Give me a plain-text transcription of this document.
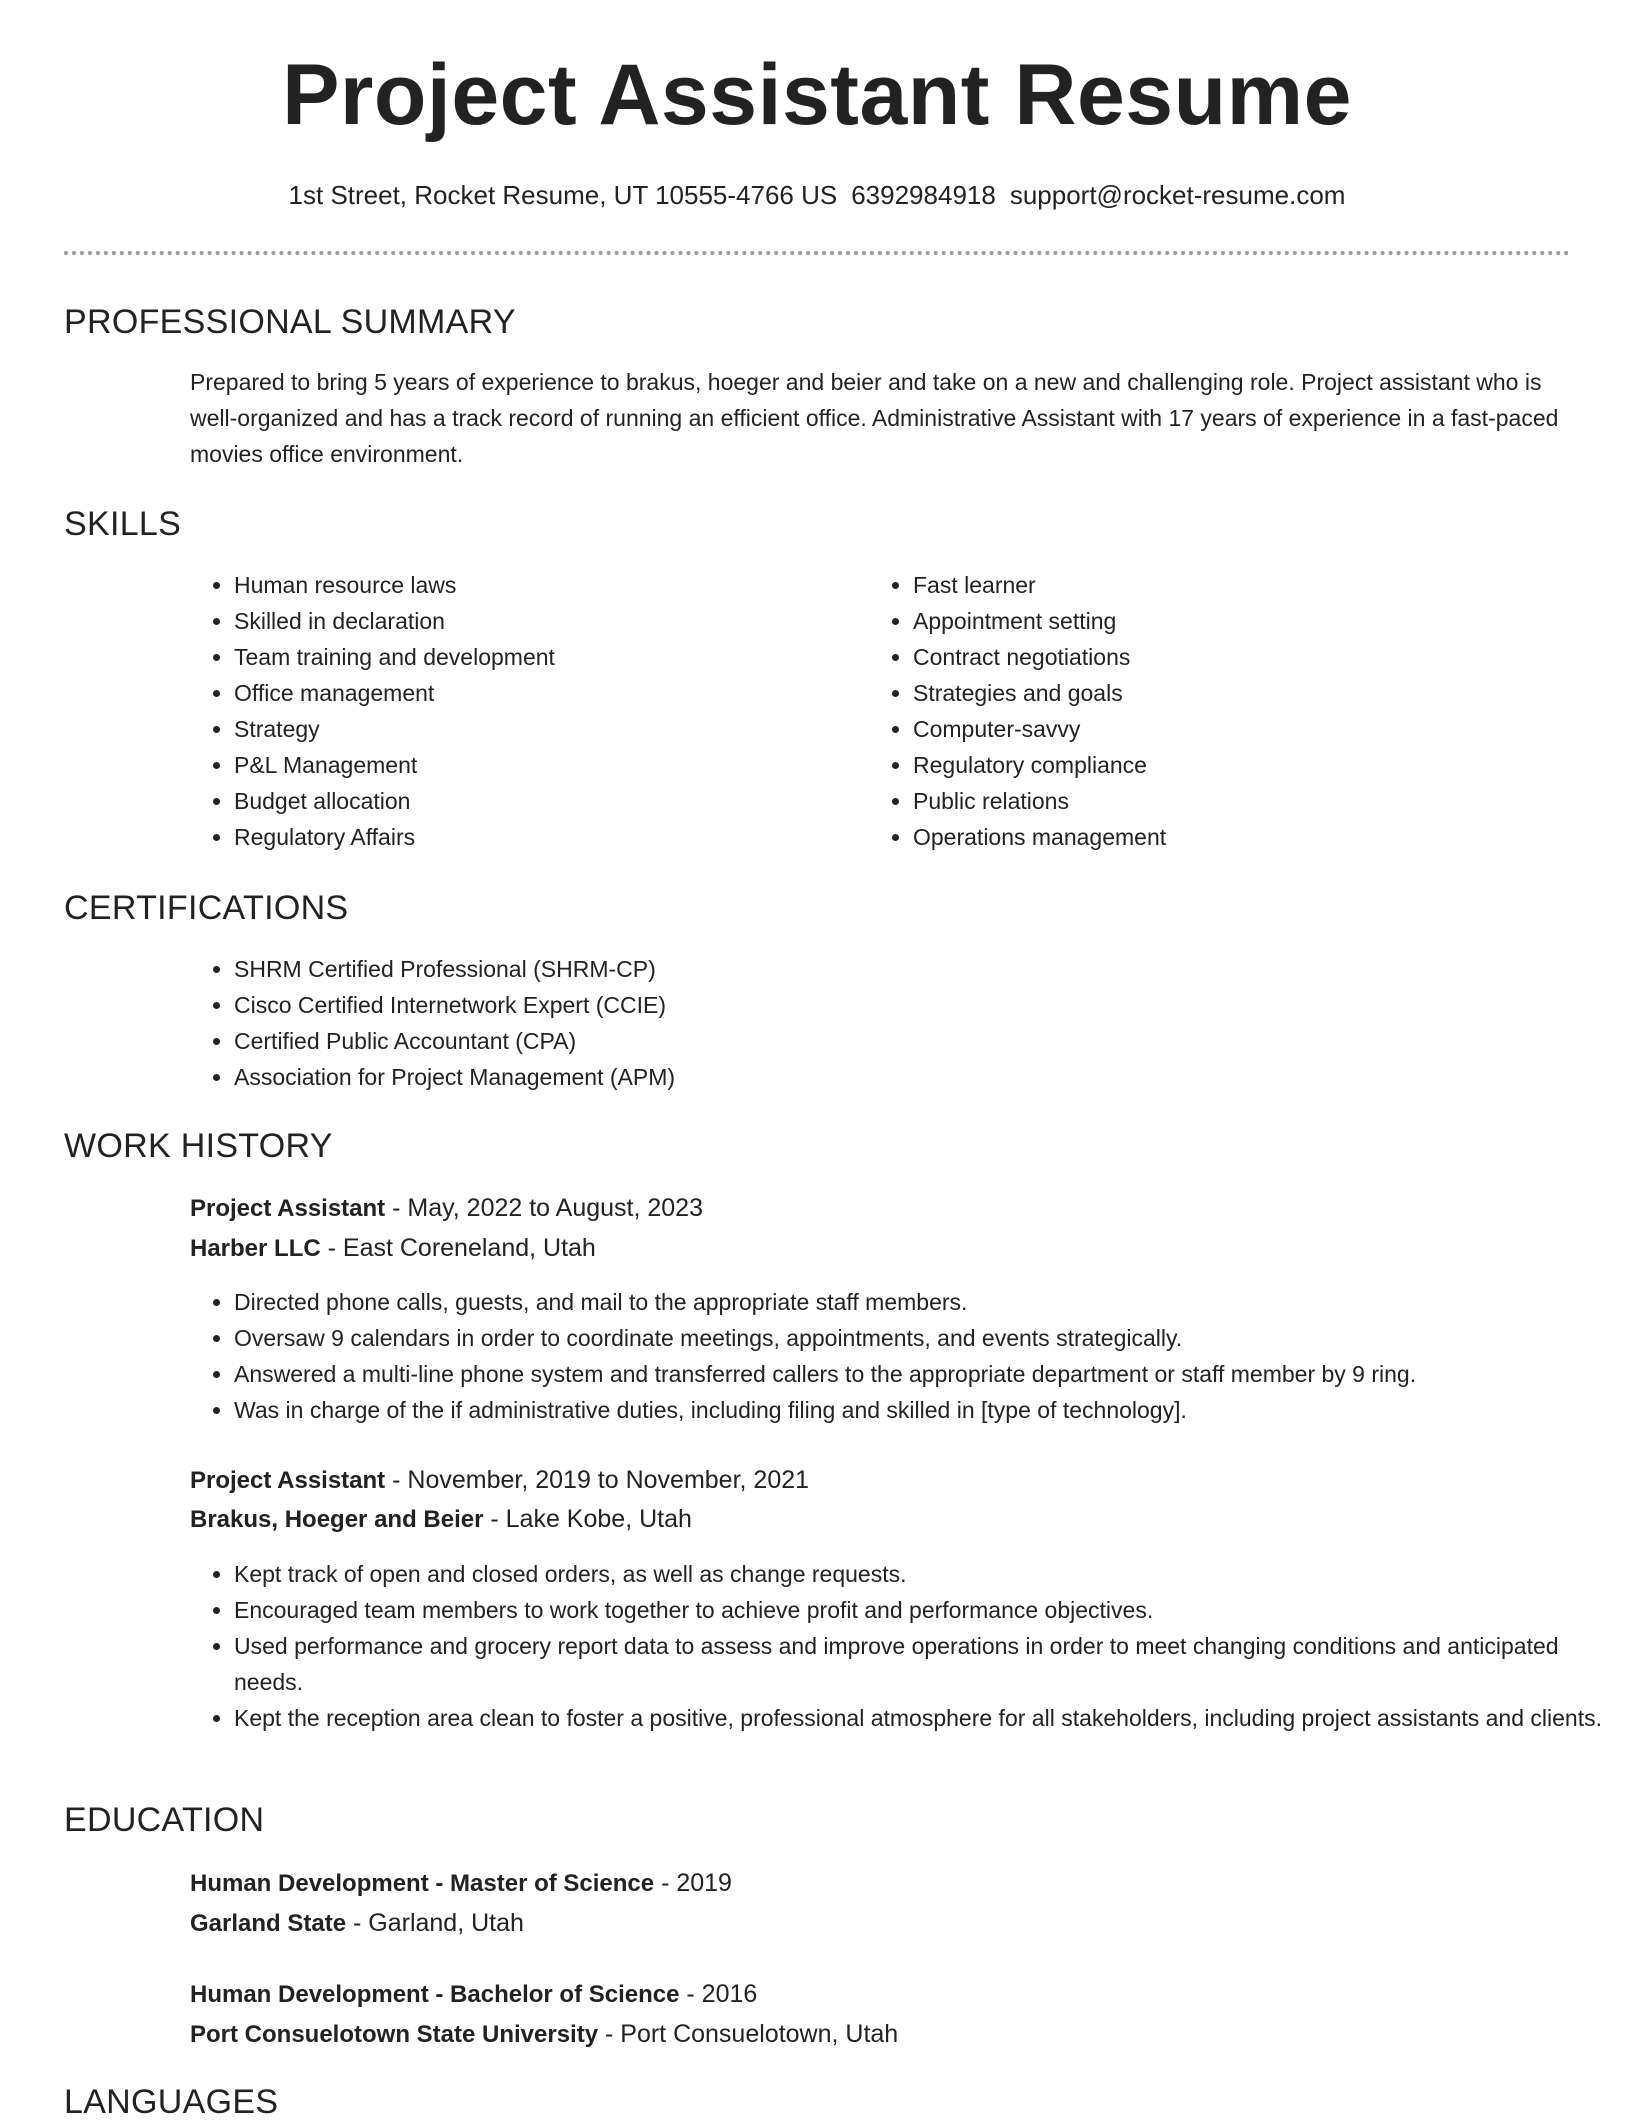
Project Assistant Resume
1st Street, Rocket Resume, UT 10555-4766 US 6392984918 support@rocket-resume.com
PROFESSIONAL SUMMARY

Prepared to bring 5 years of experience to brakus, hoeger and beier and take on a new and challenging role. Project assistant who is well-organized and has a track record of running an efficient office. Administrative Assistant with 17 years of experience in a fast-paced movies office environment.

SKILLS
• Human resource laws
• Skilled in declaration
• Team training and development
• Office management
• Strategy
• P&L Management
• Budget allocation
• Regulatory Affairs
• Fast learner
• Appointment setting
• Contract negotiations
• Strategies and goals
• Computer-savvy
• Regulatory compliance
• Public relations
• Operations management
CERTIFICATIONS
• SHRM Certified Professional (SHRM-CP)
• Cisco Certified Internetwork Expert (CCIE)
• Certified Public Accountant (CPA)
• Association for Project Management (APM)
WORK HISTORY
Project Assistant - May, 2022 to August, 2023
Harber LLC - East Coreneland, Utah
• Directed phone calls, guests, and mail to the appropriate staff members.
• Oversaw 9 calendars in order to coordinate meetings, appointments, and events strategically.
• Answered a multi-line phone system and transferred callers to the appropriate department or staff member by 9 ring.
• Was in charge of the if administrative duties, including filing and skilled in [type of technology].
Project Assistant - November, 2019 to November, 2021
Brakus, Hoeger and Beier - Lake Kobe, Utah
• Kept track of open and closed orders, as well as change requests.
• Encouraged team members to work together to achieve profit and performance objectives.
• Used performance and grocery report data to assess and improve operations in order to meet changing conditions and anticipated needs.
• Kept the reception area clean to foster a positive, professional atmosphere for all stakeholders, including project assistants and clients.
EDUCATION
Human Development - Master of Science - 2019
Garland State - Garland, Utah
Human Development - Bachelor of Science - 2016
Port Consuelotown State University - Port Consuelotown, Utah
LANGUAGES
